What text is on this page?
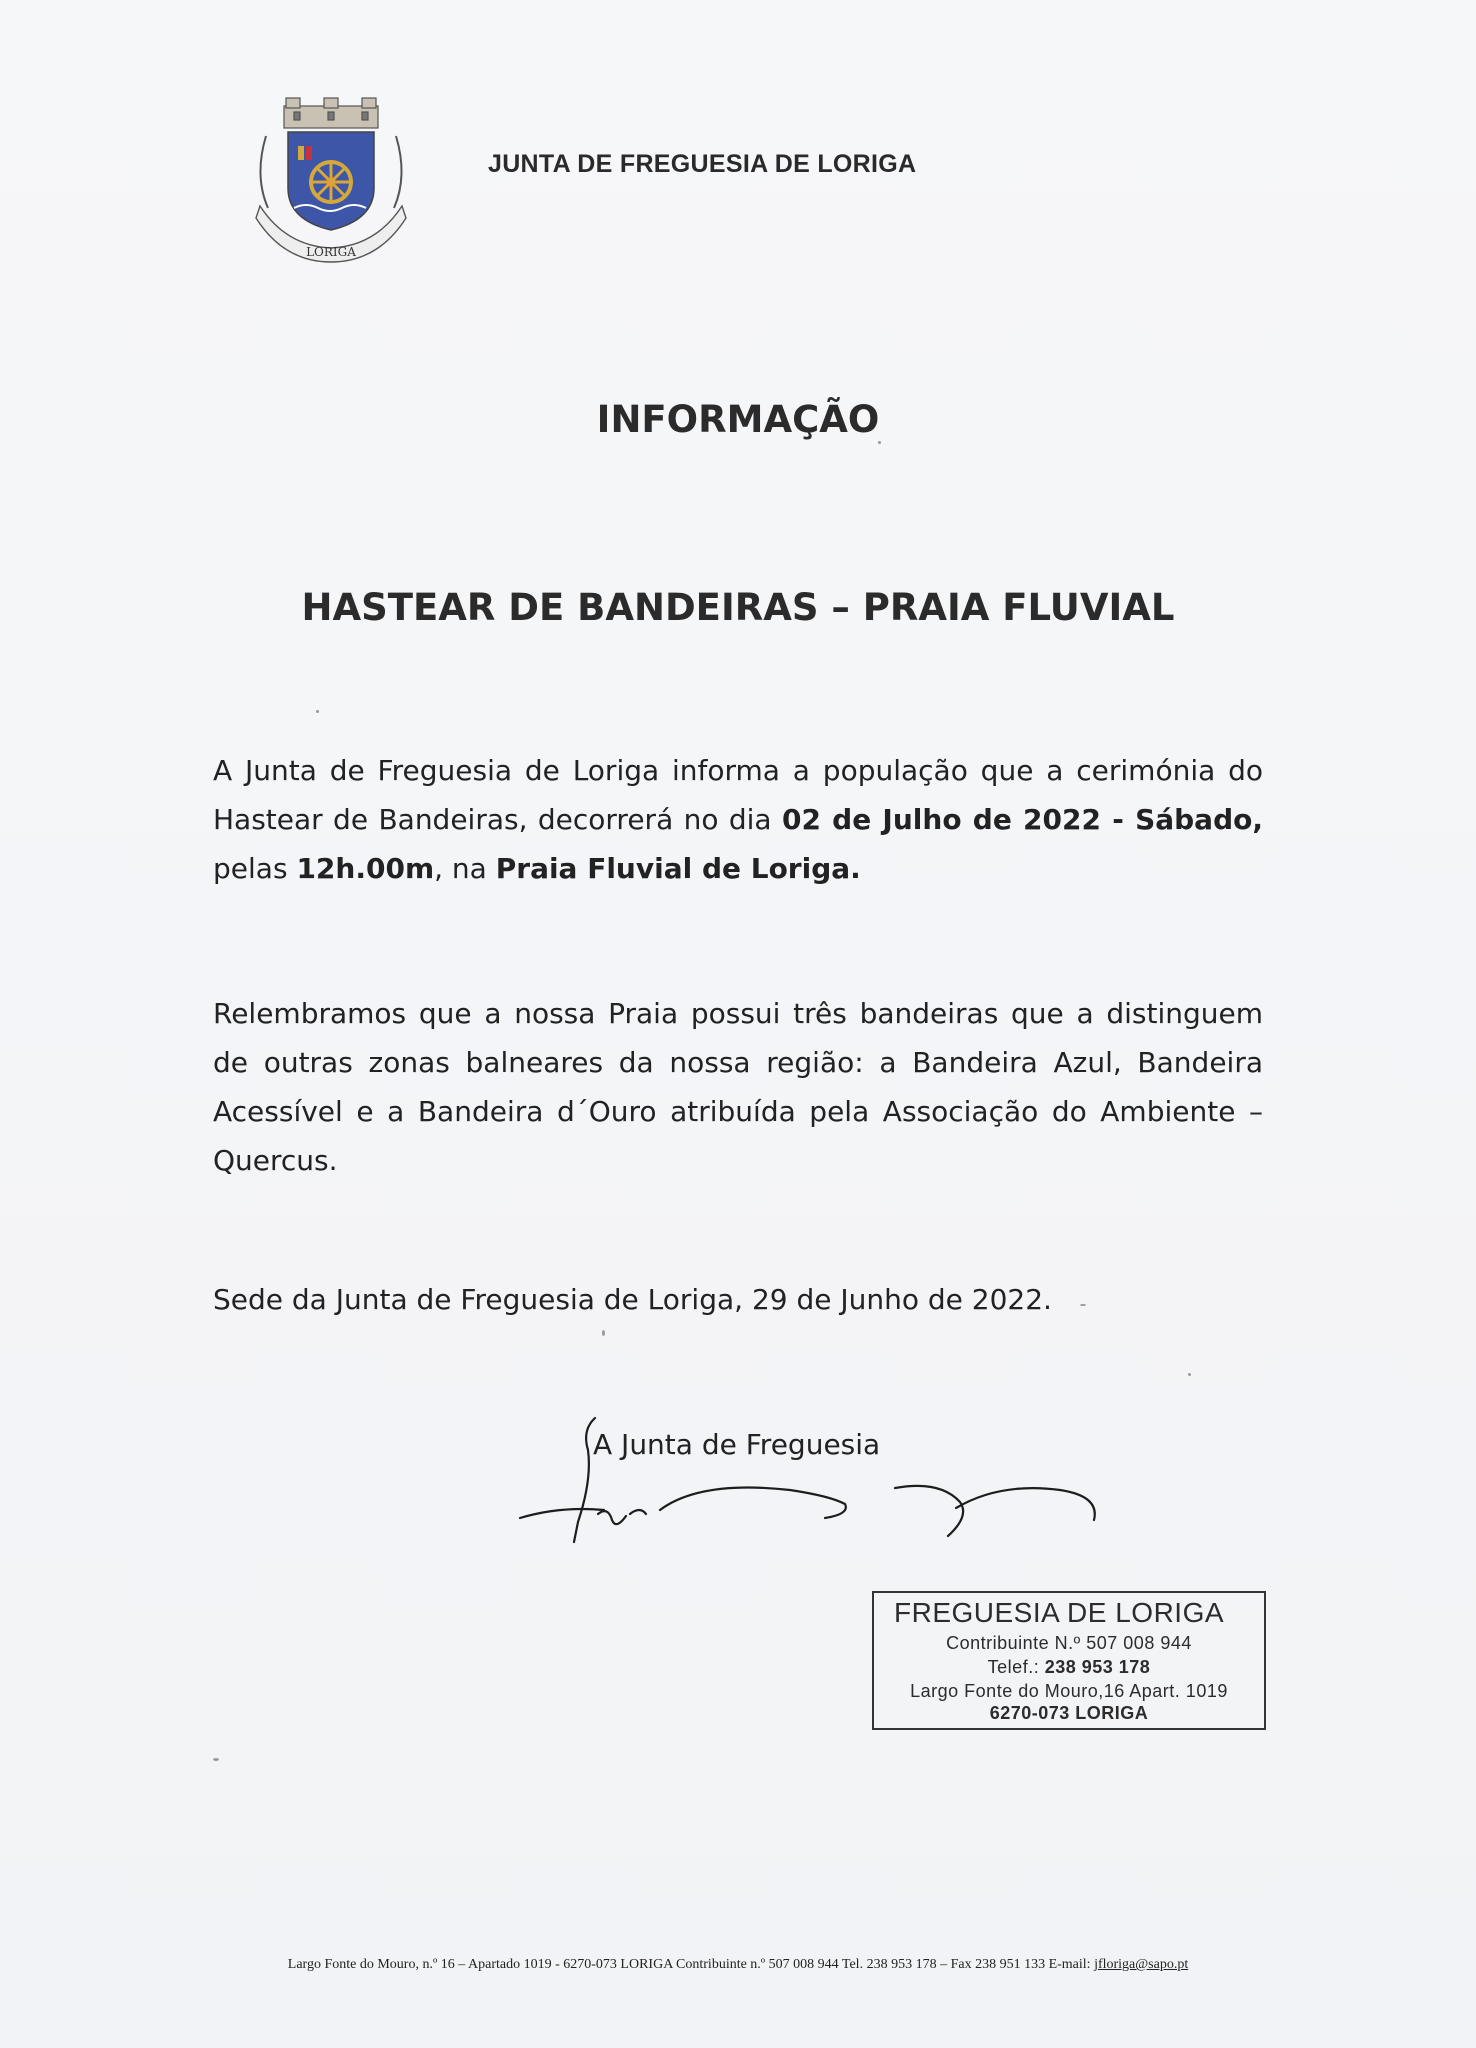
LORIGA
JUNTA DE FREGUESIA DE LORIGA
INFORMAÇÃO
HASTEAR DE BANDEIRAS – PRAIA FLUVIAL
A Junta de Freguesia de Loriga informa a população que a cerimónia do Hastear de Bandeiras, decorrerá no dia 02 de Julho de 2022 - Sábado, pelas 12h.00m, na Praia Fluvial de Loriga.
Relembramos que a nossa Praia possui três bandeiras que a distinguem de outras zonas balneares da nossa região: a Bandeira Azul, Bandeira Acessível e a Bandeira d´Ouro atribuída pela Associação do Ambiente – Quercus.
Sede da Junta de Freguesia de Loriga, 29 de Junho de 2022.
A Junta de Freguesia
FREGUESIA DE LORIGA
Contribuinte N.º 507 008 944
Telef.: 238 953 178
Largo Fonte do Mouro,16 Apart. 1019
6270-073 LORIGA
Largo Fonte do Mouro, n.º 16 – Apartado 1019 - 6270-073 LORIGA Contribuinte n.º 507 008 944 Tel. 238 953 178 – Fax 238 951 133 E-mail: jfloriga@sapo.pt
